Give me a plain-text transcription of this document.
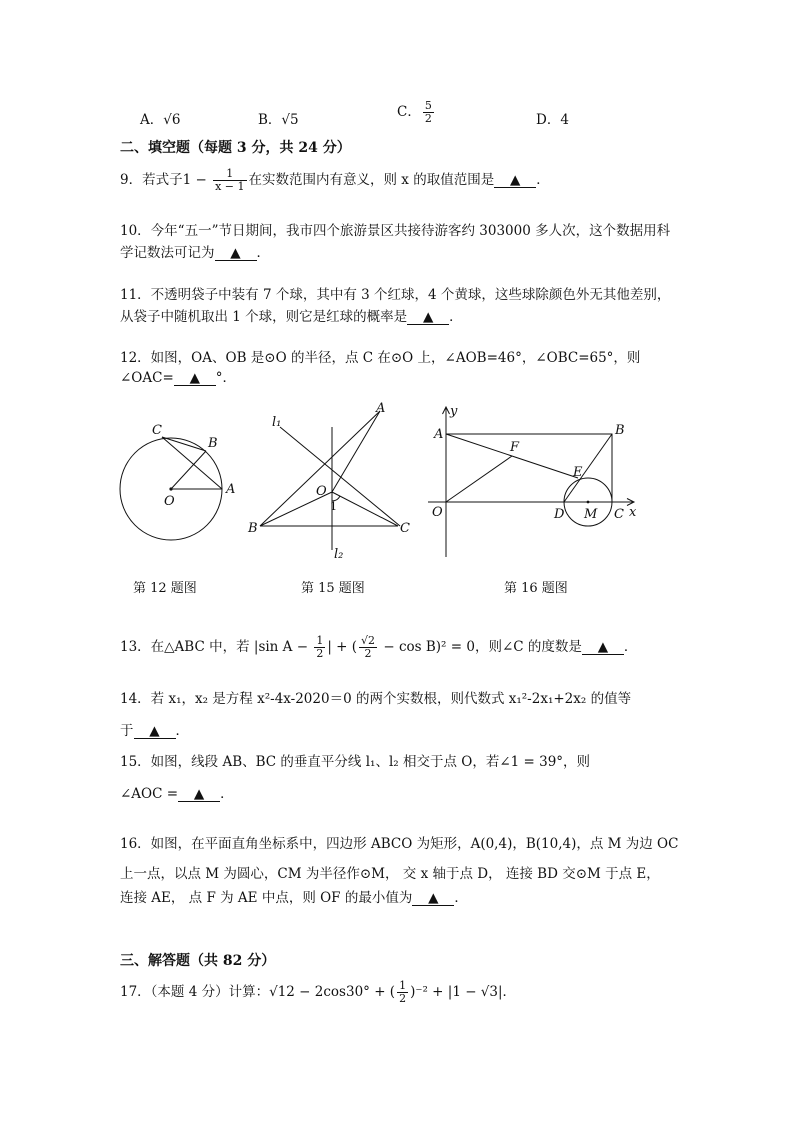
A．√6	B．√5	C． $\frac{5}{2}$	D．4
二、填空题（每题 3 分，共 24 分）
9．若式子$1 - \frac{1}{x - 1}$ 在实数范围内有意义，则 x 的取值范围是 ▲ ．
10．今年“五一”节日期间，我市四个旅游景区共接待游客约 303000 多人次，这个数据用科
学记数法可记为 ▲ ．
11．不透明袋子中装有 7 个球，其中有 3 个红球，4 个黄球，这些球除颜色外无其他差别，
从袋子中随机取出 1 个球，则它是红球的概率是 ▲ ．
12．如图，OA、OB 是⊙O 的半径，点 C 在⊙O 上，∠AOB=46°，∠OBC=65°，则
∠OAC= ▲ °．
C
B
O
A
l₁
A
O
1
B	C
l₂
y
A	B
F
E
O	D M C x
第 12 题图	第 15 题图	第 16 题图
13．在△ABC 中，若 |sin $A - \frac{1}{2}$ | + ( $\frac{√2}{2} - \cos B)^2 = 0$，则∠C 的度数是 ▲ ．
14．若 x₁，x₂ 是方程 x²-4x-2020＝0 的两个实数根，则代数式 x₁²-2x₁+2x₂ 的值等
于 ▲ ．
15．如图，线段 AB、BC 的垂直平分线 l₁、l₂ 相交于点 O，若∠1 = 39°，则
∠AOC = ▲ ．
16．如图，在平面直角坐标系中，四边形 ABCO 为矩形，A(0,4)，B(10,4)，点 M 为边 OC
上一点，以点 M 为圆心，CM 为半径作⊙M， 交 x 轴于点 D， 连接 BD 交⊙M 于点 E，
连接 AE， 点 F 为 AE 中点，则 OF 的最小值为 ▲ ．
三、解答题（共 82 分）
17．（本题 4 分）计算：√12 − 2cos30° + ( $\frac{1}{2} )^{-2} + |1 - √3|$．
